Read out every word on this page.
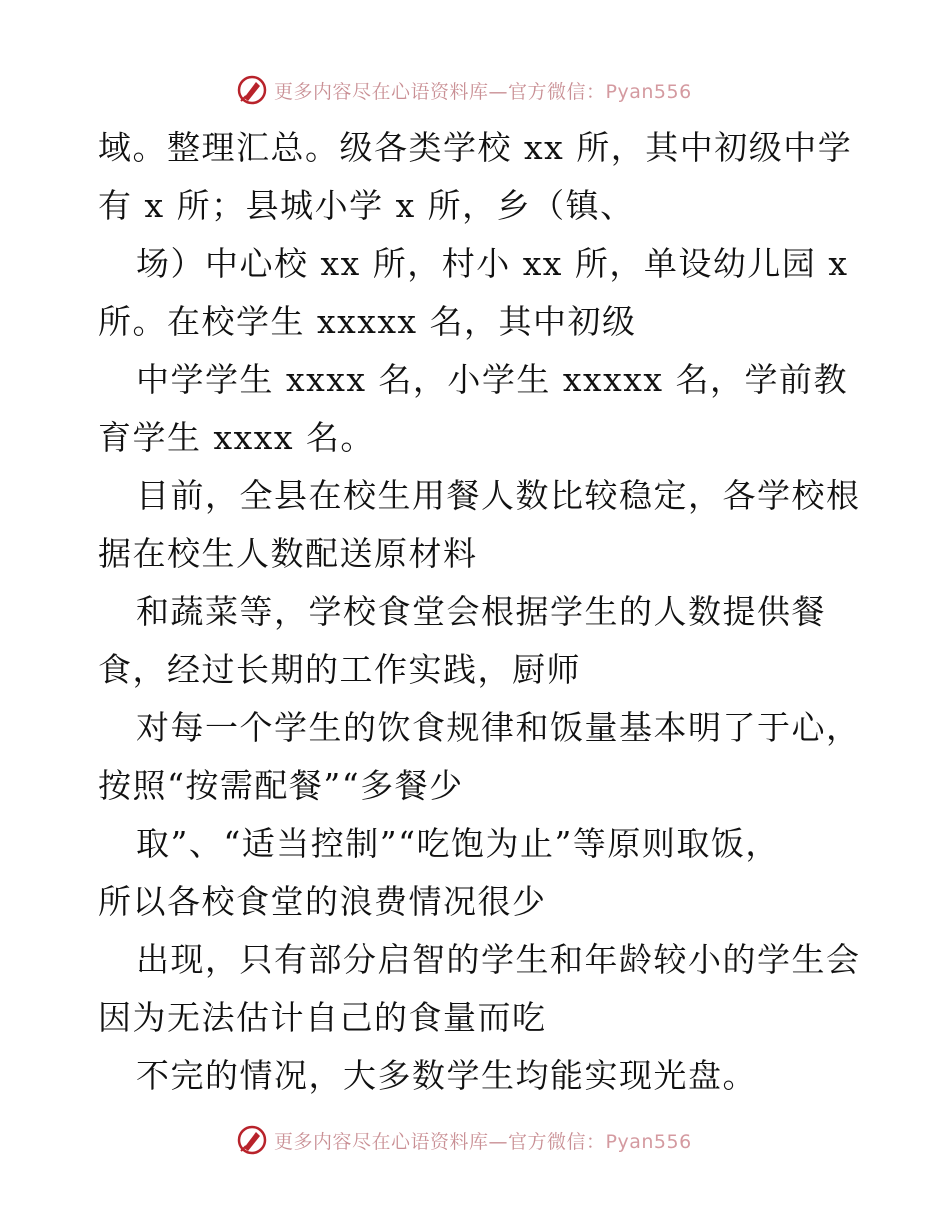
更多内容尽在心语资料库—官方微信：Pyan556
域。整理汇总。级各类学校 xx 所，其中初级中学
有 x 所；县城小学 x 所，乡（镇、
场）中心校 xx 所，村小 xx 所，单设幼儿园 x
所。在校学生 xxxxx 名，其中初级
中学学生 xxxx 名，小学生 xxxxx 名，学前教
育学生 xxxx 名。
目前，全县在校生用餐人数比较稳定，各学校根
据在校生人数配送原材料
和蔬菜等，学校食堂会根据学生的人数提供餐
食，经过长期的工作实践，厨师
对每一个学生的饮食规律和饭量基本明了于心，
按照“按需配餐”“多餐少
取”、“适当控制”“吃饱为止”等原则取饭，
所以各校食堂的浪费情况很少
出现，只有部分启智的学生和年龄较小的学生会
因为无法估计自己的食量而吃
不完的情况，大多数学生均能实现光盘。
更多内容尽在心语资料库—官方微信：Pyan556
